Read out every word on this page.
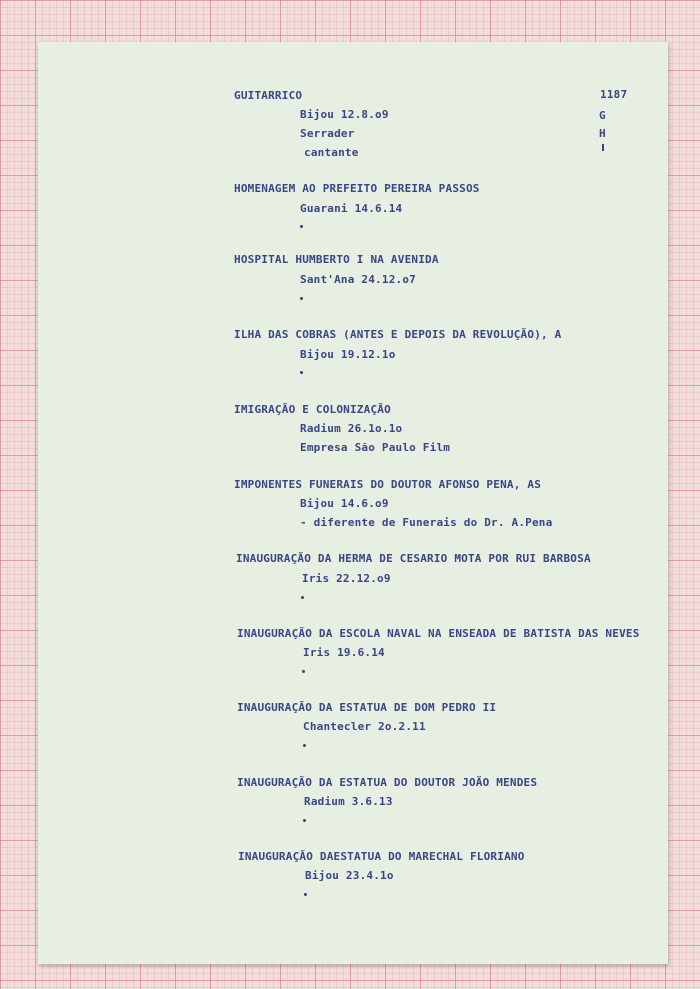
1187
GUITARRICO
Bijou 12.8.o9
Serrader
cantante
G
H
HOMENAGEM AO PREFEITO PEREIRA PASSOS
Guarani 14.6.14
HOSPITAL HUMBERTO I NA AVENIDA
Sant'Ana 24.12.o7
ILHA DAS COBRAS (ANTES E DEPOIS DA REVOLUÇÃO), A
Bijou 19.12.1o
IMIGRAÇÃO E COLONIZAÇÃO
Radium 26.1o.1o
Empresa São Paulo Film
IMPONENTES FUNERAIS DO DOUTOR AFONSO PENA, AS
Bijou 14.6.o9
- diferente de Funerais do Dr. A.Pena
INAUGURAÇÃO DA HERMA DE CESARIO MOTA POR RUI BARBOSA
Iris 22.12.o9
INAUGURAÇÃO DA ESCOLA NAVAL NA ENSEADA DE BATISTA DAS NEVES
Iris 19.6.14
INAUGURAÇÃO DA ESTATUA DE DOM PEDRO II
Chantecler 2o.2.11
INAUGURAÇÃO DA ESTATUA DO DOUTOR JOÃO MENDES
Radium 3.6.13
INAUGURAÇÃO DAESTATUA DO MARECHAL FLORIANO
Bijou 23.4.1o
